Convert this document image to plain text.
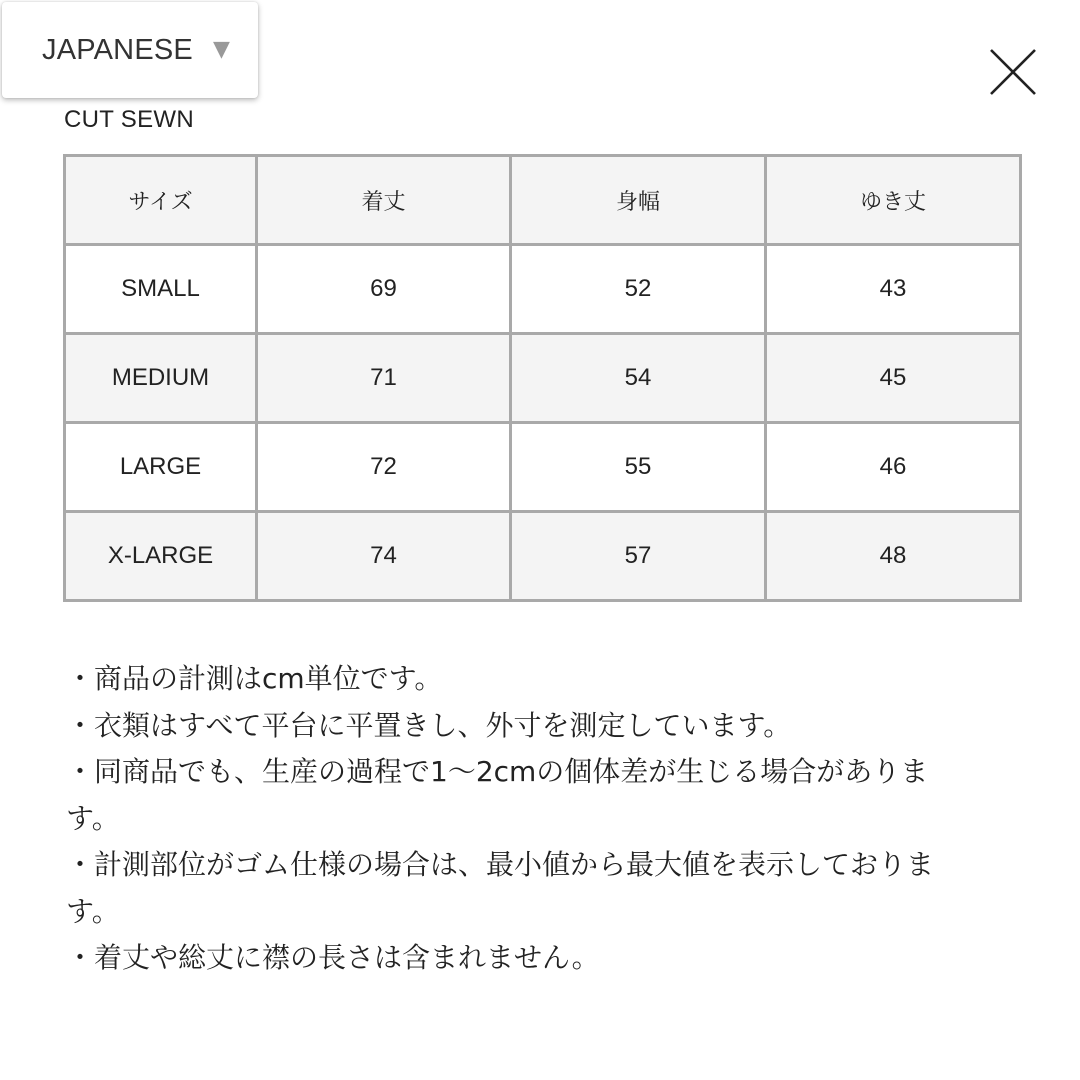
JAPANESE ▼
CUT SEWN
サイズ	着丈	身幅	ゆき丈
SMALL	69	52	43
MEDIUM	71	54	45
LARGE	72	55	46
X-LARGE	74	57	48

・商品の計測はcm単位です。

・衣類はすべて平台に平置きし、外寸を測定しています。

・同商品でも、生産の過程で1〜2cmの個体差が生じる場合がありま

す。

・計測部位がゴム仕様の場合は、最小値から最大値を表示しておりま

す。

・着丈や総丈に襟の長さは含まれません。
